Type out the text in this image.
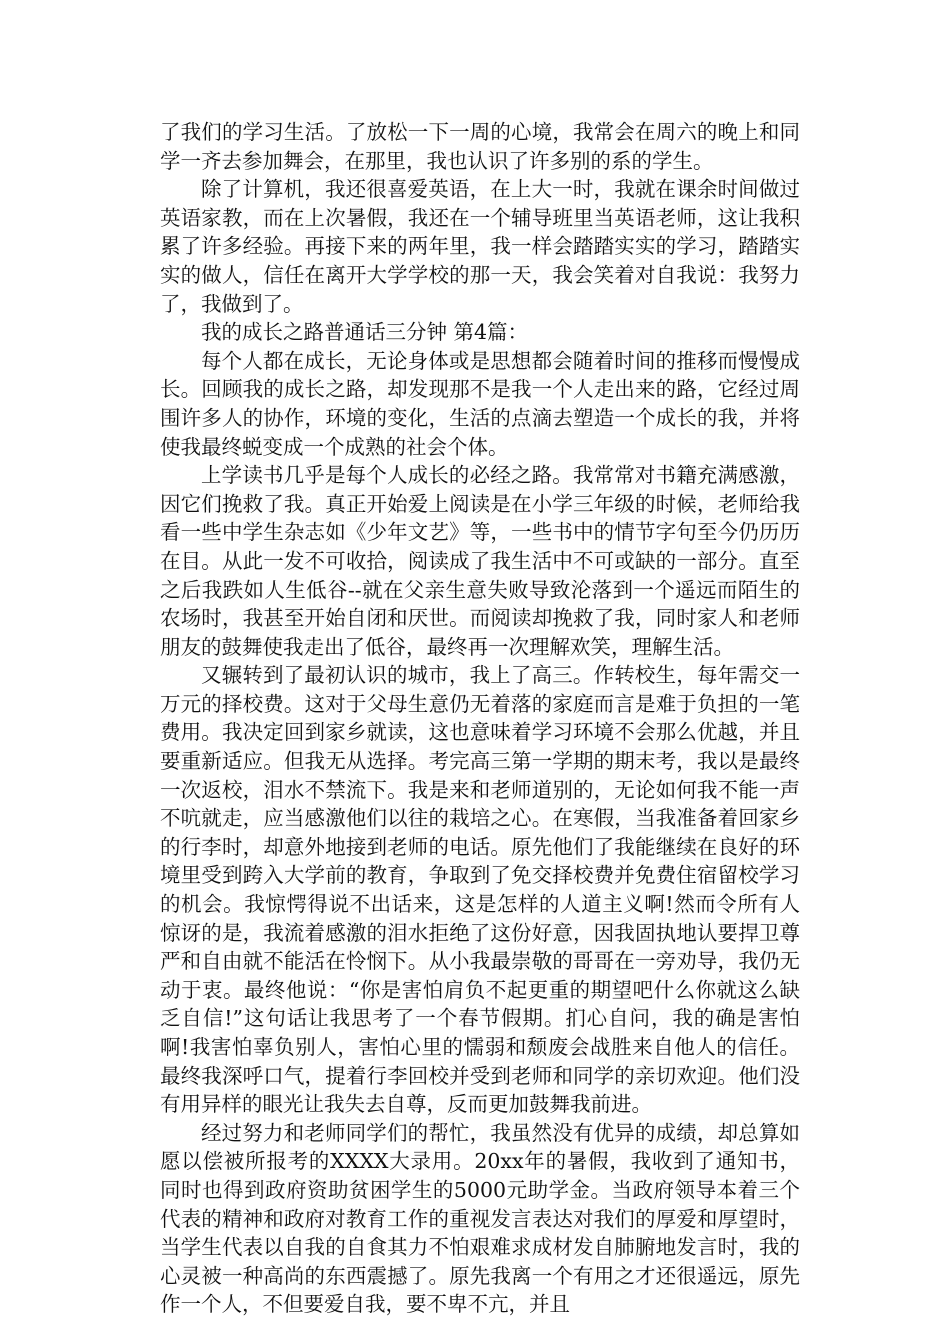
了我们的学习生活。了放松一下一周的心境，我常会在周六的晚上和同学一齐去参加舞会，在那里，我也认识了许多别的系的学生。

除了计算机，我还很喜爱英语，在上大一时，我就在课余时间做过英语家教，而在上次暑假，我还在一个辅导班里当英语老师，这让我积累了许多经验。再接下来的两年里，我一样会踏踏实实的学习，踏踏实实的做人，信任在离开大学学校的那一天，我会笑着对自我说：我努力了，我做到了。

我的成长之路普通话三分钟 第4篇：

每个人都在成长，无论身体或是思想都会随着时间的推移而慢慢成长。回顾我的成长之路，却发现那不是我一个人走出来的路，它经过周围许多人的协作，环境的变化，生活的点滴去塑造一个成长的我，并将使我最终蜕变成一个成熟的社会个体。

上学读书几乎是每个人成长的必经之路。我常常对书籍充满感激，因它们挽救了我。真正开始爱上阅读是在小学三年级的时候，老师给我看一些中学生杂志如《少年文艺》等，一些书中的情节字句至今仍历历在目。从此一发不可收拾，阅读成了我生活中不可或缺的一部分。直至之后我跌如人生低谷--就在父亲生意失败导致沦落到一个遥远而陌生的农场时，我甚至开始自闭和厌世。而阅读却挽救了我，同时家人和老师朋友的鼓舞使我走出了低谷，最终再一次理解欢笑，理解生活。

又辗转到了最初认识的城市，我上了高三。作转校生，每年需交一万元的择校费。这对于父母生意仍无着落的家庭而言是难于负担的一笔费用。我决定回到家乡就读，这也意味着学习环境不会那么优越，并且要重新适应。但我无从选择。考完高三第一学期的期末考，我以是最终一次返校，泪水不禁流下。我是来和老师道别的，无论如何我不能一声不吭就走，应当感激他们以往的栽培之心。在寒假，当我准备着回家乡的行李时，却意外地接到老师的电话。原先他们了我能继续在良好的环境里受到跨入大学前的教育，争取到了免交择校费并免费住宿留校学习的机会。我惊愕得说不出话来，这是怎样的人道主义啊!然而令所有人惊讶的是，我流着感激的泪水拒绝了这份好意，因我固执地认要捍卫尊严和自由就不能活在怜悯下。从小我最崇敬的哥哥在一旁劝导，我仍无动于衷。最终他说：“你是害怕肩负不起更重的期望吧什么你就这么缺乏自信!”这句话让我思考了一个春节假期。扪心自问，我的确是害怕啊!我害怕辜负别人，害怕心里的懦弱和颓废会战胜来自他人的信任。最终我深呼口气，提着行李回校并受到老师和同学的亲切欢迎。他们没有用异样的眼光让我失去自尊，反而更加鼓舞我前进。

经过努力和老师同学们的帮忙，我虽然没有优异的成绩，却总算如愿以偿被所报考的XXXX大录用。20xx年的暑假，我收到了通知书，同时也得到政府资助贫困学生的5000元助学金。当政府领导本着三个代表的精神和政府对教育工作的重视发言表达对我们的厚爱和厚望时，当学生代表以自我的自食其力不怕艰难求成材发自肺腑地发言时，我的心灵被一种高尚的东西震撼了。原先我离一个有用之才还很遥远，原先作一个人，不但要爱自我，要不卑不亢，并且
